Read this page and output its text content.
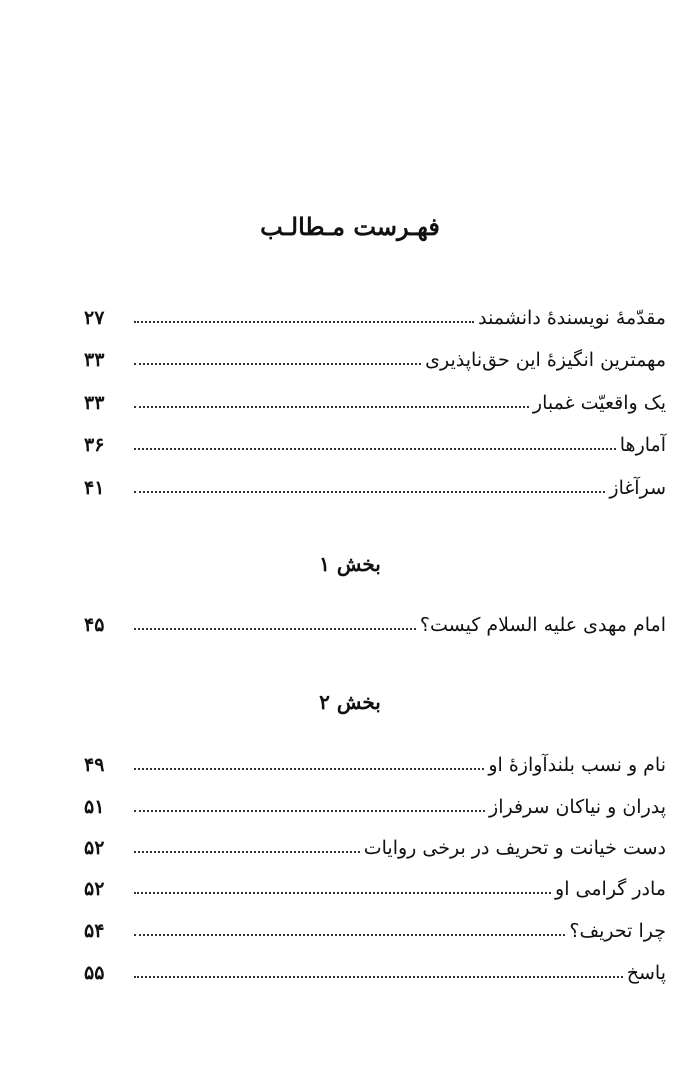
فهـرست مـطالـب
مقدّمهٔ نویسندهٔ دانشمند
۲۷
مهمترین انگیزهٔ این حق‌ناپذیری
۳۳
یک واقعیّت غمبار
۳۳
آمارها
۳۶
سرآغاز
۴۱
بخش ۱
امام مهدی عليه السلام کیست؟
۴۵
بخش ۲
نام و نسب بلندآوازهٔ او
۴۹
پدران و نیاکان سرفراز
۵۱
دست خیانت و تحریف در برخی روایات
۵۲
مادر گرامی او
۵۲
چرا تحریف؟
۵۴
پاسخ
۵۵
